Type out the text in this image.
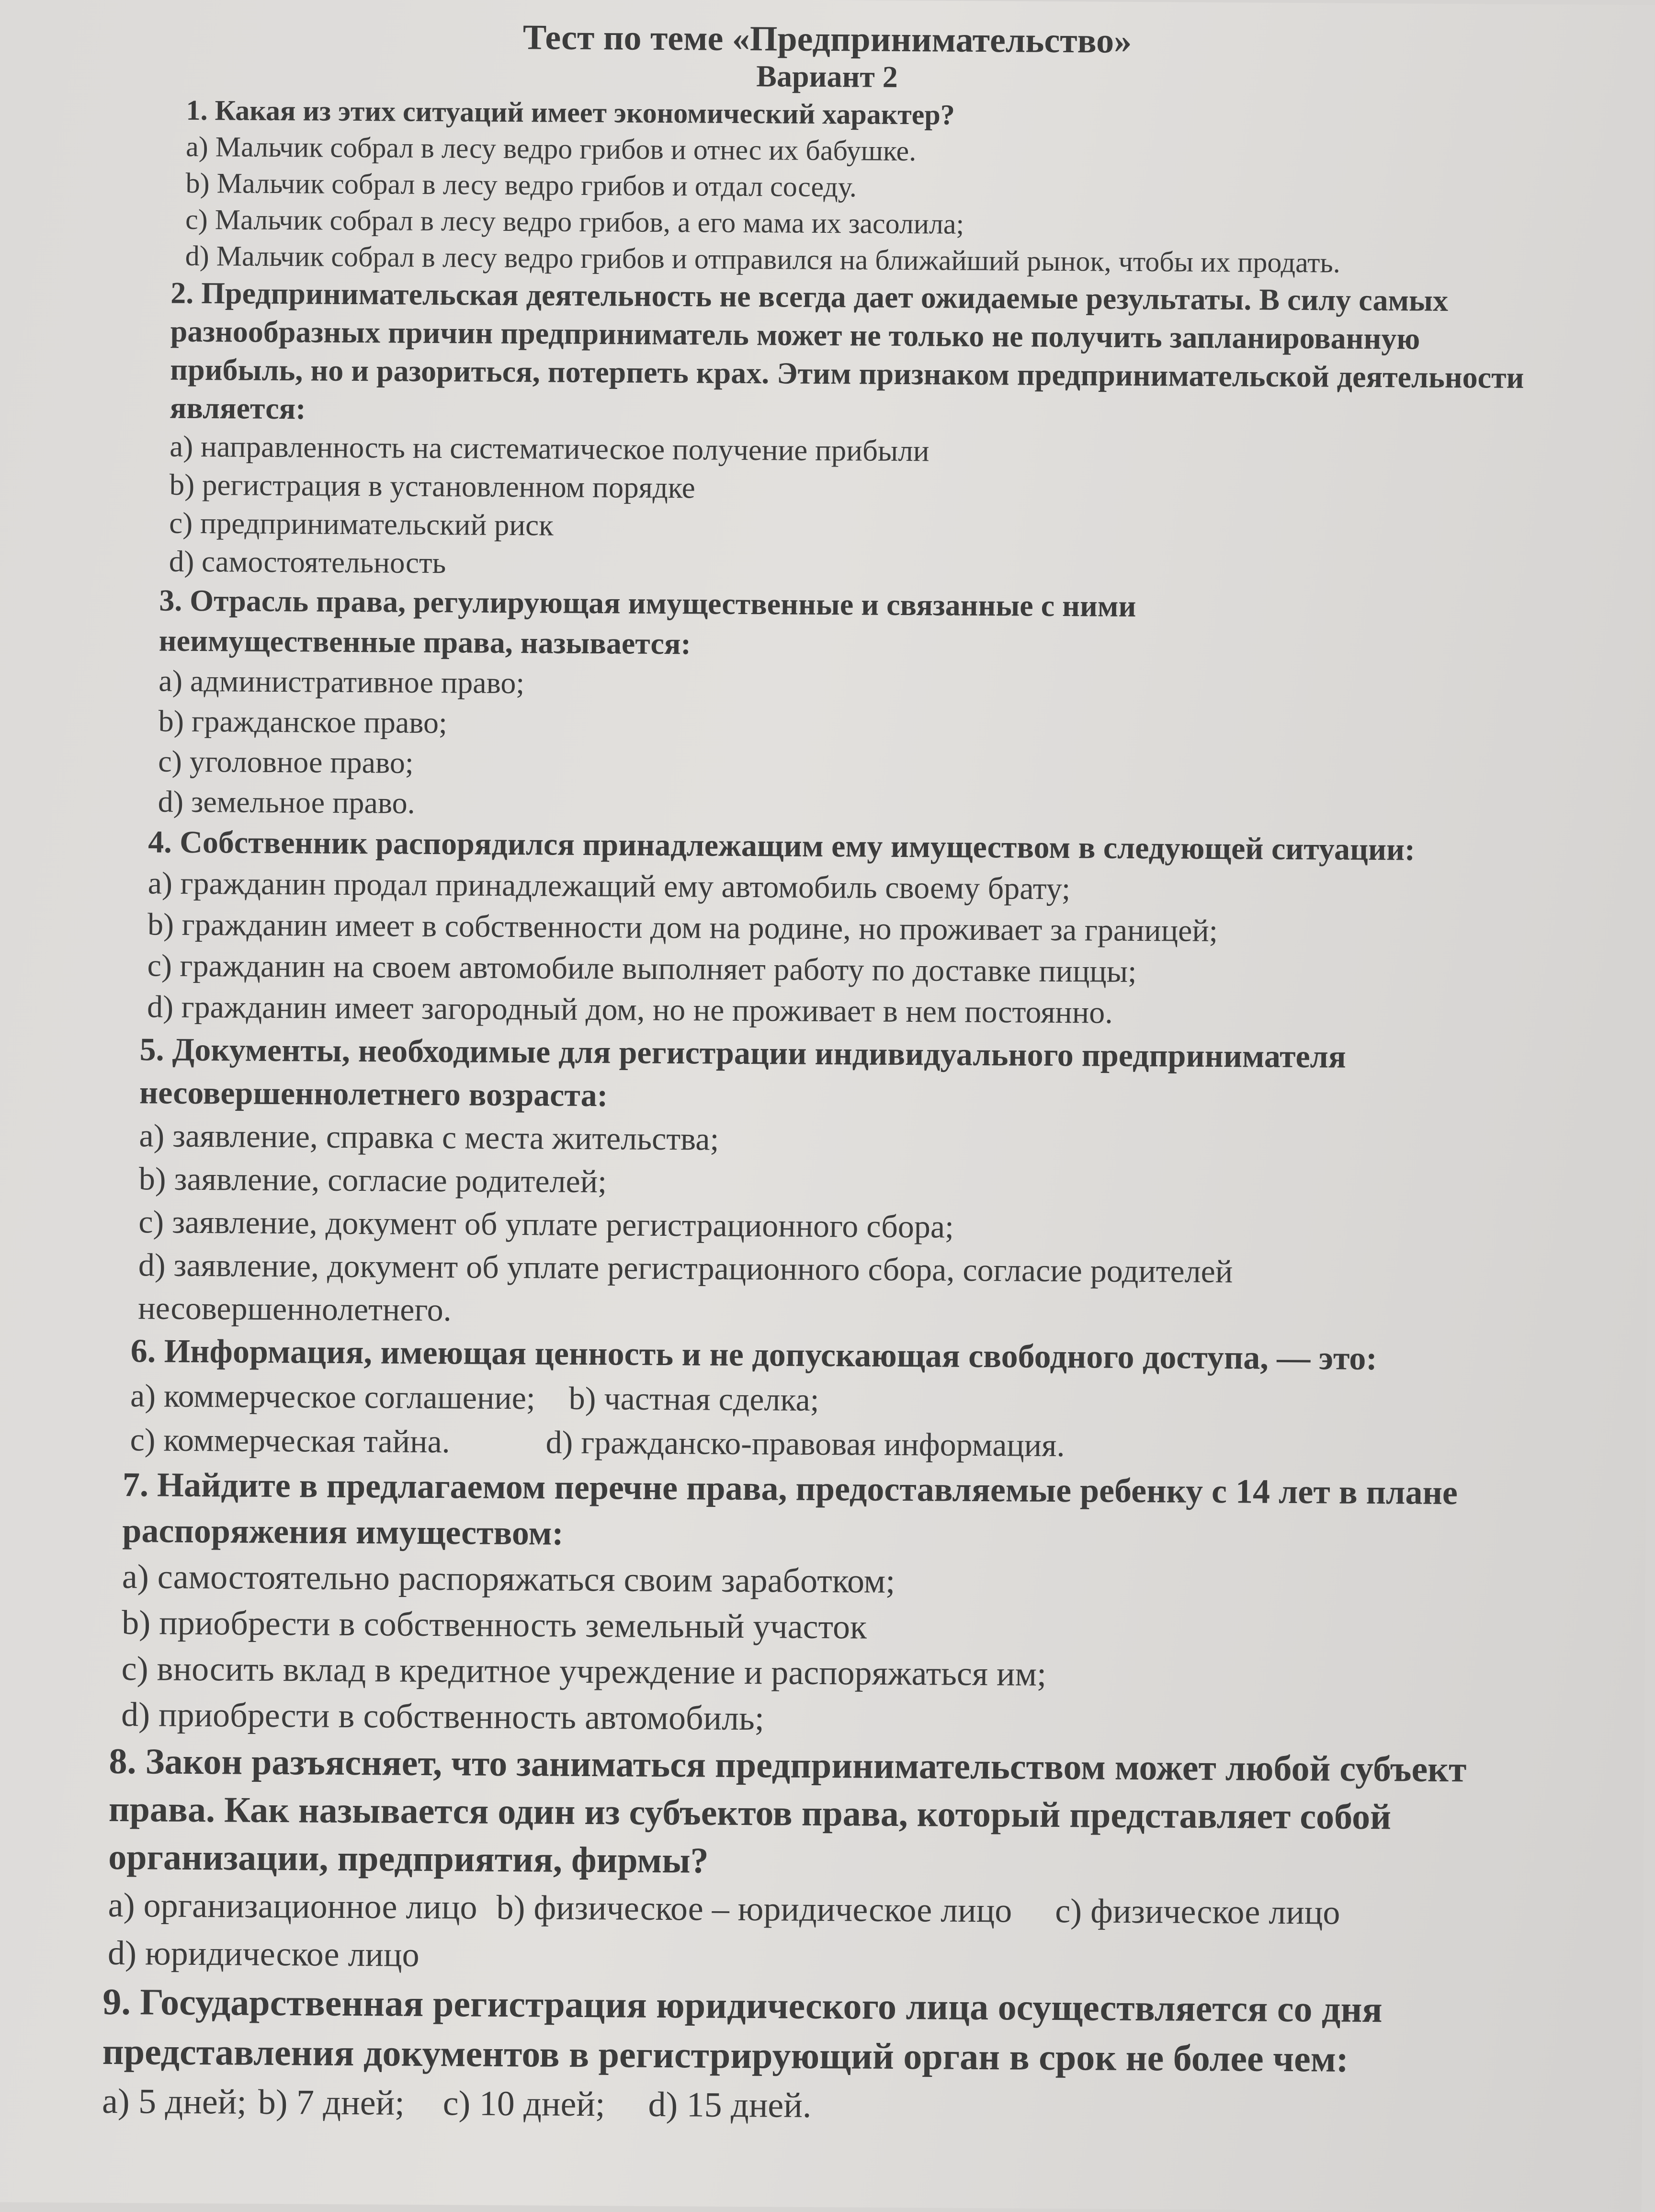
Тест по теме «Предпринимательство»
Вариант 2

1. Какая из этих ситуаций имеет экономический характер?

a) Мальчик собрал в лесу ведро грибов и отнес их бабушке.

b) Мальчик собрал в лесу ведро грибов и отдал соседу.

c) Мальчик собрал в лесу ведро грибов, а его мама их засолила;

d) Мальчик собрал в лесу ведро грибов и отправился на ближайший рынок, чтобы их продать.

2. Предпринимательская деятельность не всегда дает ожидаемые результаты. В силу самых разнообразных причин предприниматель может не только не получить запланированную прибыль, но и разориться, потерпеть крах. Этим признаком предпринимательской деятельности является:

a) направленность на систематическое получение прибыли

b) регистрация в установленном порядке

c) предпринимательский риск

d) самостоятельность

3. Отрасль права, регулирующая имущественные и связанные с ними неимущественные права, называется:

a) административное право;

b) гражданское право;

c) уголовное право;

d) земельное право.

4. Собственник распорядился принадлежащим ему имуществом в следующей ситуации:

a) гражданин продал принадлежащий ему автомобиль своему брату;

b) гражданин имеет в собственности дом на родине, но проживает за границей;

c) гражданин на своем автомобиле выполняет работу по доставке пиццы;

d) гражданин имеет загородный дом, но не проживает в нем постоянно.

5. Документы, необходимые для регистрации индивидуального предпринимателя несовершеннолетнего возраста:

a) заявление, справка с места жительства;

b) заявление, согласие родителей;

c) заявление, документ об уплате регистрационного сбора;

d) заявление, документ об уплате регистрационного сбора, согласие родителей несовершеннолетнего.

6. Информация, имеющая ценность и не допускающая свободного доступа, — это:

a) коммерческое соглашение; b) частная сделка;
c) коммерческая тайна.	d) гражданско-правовая информация.

7. Найдите в предлагаемом перечне права, предоставляемые ребенку с 14 лет в плане распоряжения имуществом:

a) самостоятельно распоряжаться своим заработком;

b) приобрести в собственность земельный участок

c) вносить вклад в кредитное учреждение и распоряжаться им;

d) приобрести в собственность автомобиль;

8. Закон разъясняет, что заниматься предпринимательством может любой субъект права. Как называется один из субъектов права, который представляет собой организации, предприятия, фирмы?

a) организационное лицо b) физическое – юридическое лицо c) физическое лицо

d) юридическое лицо

9. Государственная регистрация юридического лица осуществляется со дня представления документов в регистрирующий орган в срок не более чем:

a) 5 дней; b) 7 дней; c) 10 дней; d) 15 дней.
